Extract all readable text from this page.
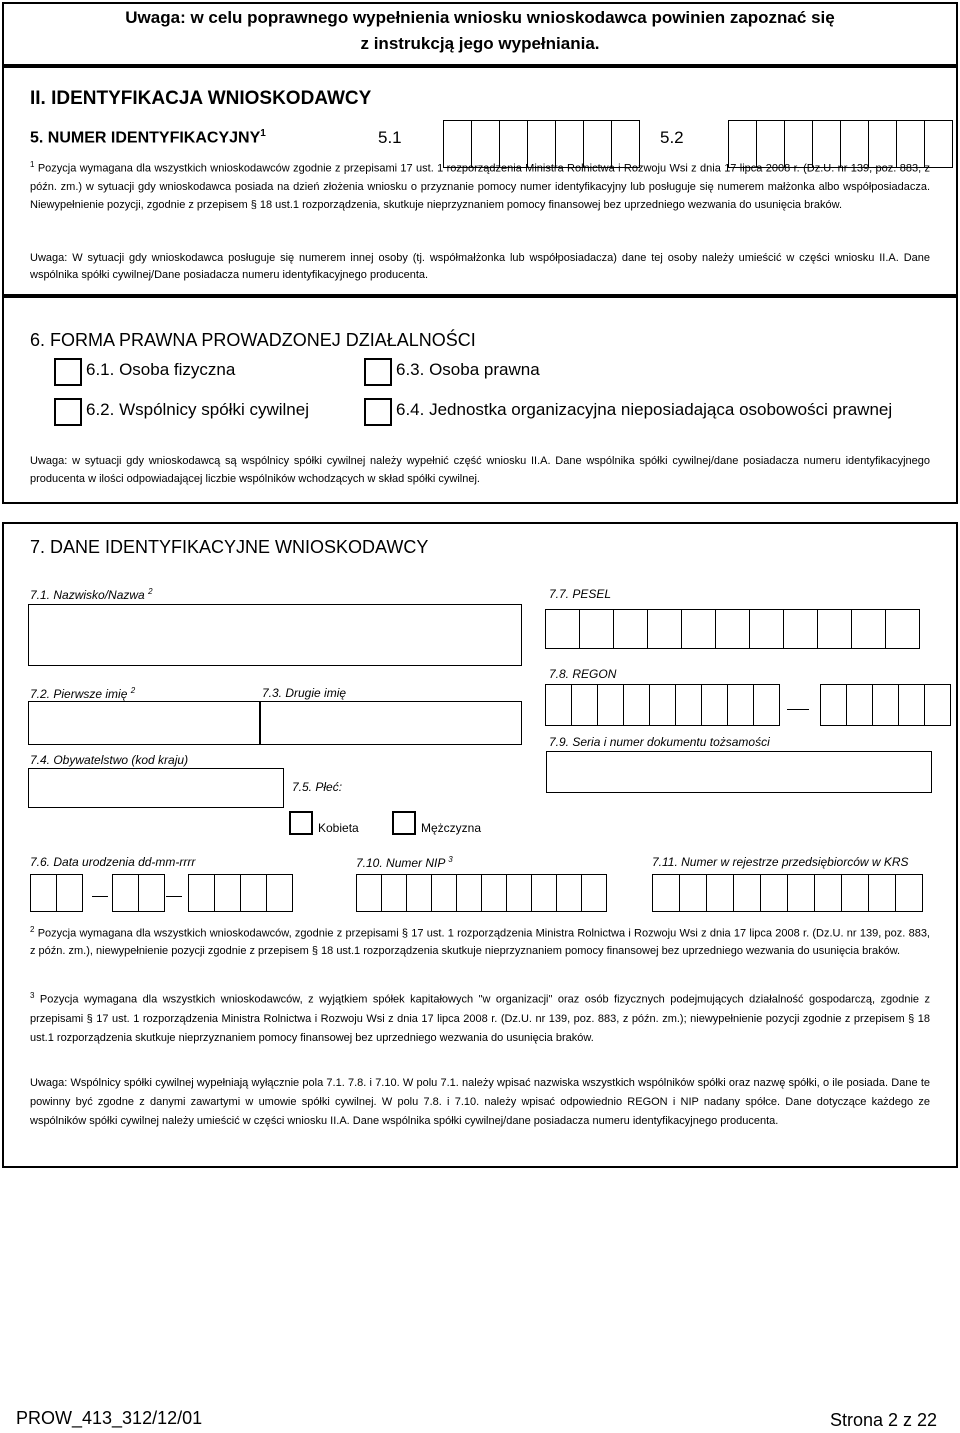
Uwaga: w celu poprawnego wypełnienia wniosku wnioskodawca powinien zapoznać się
z instrukcją jego wypełniania.
II. IDENTYFIKACJA WNIOSKODAWCY
5. NUMER IDENTYFIKACYJNY$^1$	5.1	5.2
$^1$ Pozycja wymagana dla wszystkich wnioskodawców zgodnie z przepisami 17 ust. 1 rozporządzenia Ministra Rolnictwa i Rozwoju Wsi z dnia 17 lipca 2008 r. (Dz.U. nr 139, poz. 883, z późn. zm.) w sytuacji gdy wnioskodawca posiada na dzień złożenia wniosku o przyznanie pomocy numer identyfikacyjny lub posługuje się numerem małżonka albo współposiadacza. Niewypełnienie pozycji, zgodnie z przepisem § 18 ust.1 rozporządzenia, skutkuje nieprzyznaniem pomocy finansowej bez uprzedniego wezwania do usunięcia braków.
Uwaga: W sytuacji gdy wnioskodawca posługuje się numerem innej osoby (tj. współmałżonka lub współposiadacza) dane tej osoby należy umieścić w części wniosku II.A. Dane wspólnika spółki cywilnej/Dane posiadacza numeru identyfikacyjnego producenta.
6. FORMA PRAWNA PROWADZONEJ DZIAŁALNOŚCI
6.1. Osoba fizyczna	6.3. Osoba prawna
6.2. Wspólnicy spółki cywilnej	6.4. Jednostka organizacyjna nieposiadająca osobowości prawnej
Uwaga: w sytuacji gdy wnioskodawcą są wspólnicy spółki cywilnej należy wypełnić część wniosku II.A. Dane wspólnika spółki cywilnej/dane posiadacza numeru identyfikacyjnego producenta w ilości odpowiadającej liczbie wspólników wchodzących w skład spółki cywilnej.
7. DANE IDENTYFIKACYJNE WNIOSKODAWCY
7.1. Nazwisko/Nazwa $^2$	7.7. PESEL
7.8. REGON
7.2. Pierwsze imię $^2$	7.3. Drugie imię
7.9. Seria i numer dokumentu tożsamości
7.4. Obywatelstwo (kod kraju)
7.5. Płeć:
Kobieta	Mężczyzna
7.6. Data urodzenia dd-mm-rrrr	7.10. Numer NIP $^3$	7.11. Numer w rejestrze przedsiębiorców w KRS
$^2$ Pozycja wymagana dla wszystkich wnioskodawców, zgodnie z przepisami § 17 ust. 1 rozporządzenia Ministra Rolnictwa i Rozwoju Wsi z dnia 17 lipca 2008 r. (Dz.U. nr 139, poz. 883, z późn. zm.), niewypełnienie pozycji zgodnie z przepisem § 18 ust.1 rozporządzenia skutkuje nieprzyznaniem pomocy finansowej bez uprzedniego wezwania do usunięcia braków.
$^3$ Pozycja wymagana dla wszystkich wnioskodawców, z wyjątkiem spółek kapitałowych "w organizacji" oraz osób fizycznych podejmujących działalność gospodarczą, zgodnie z przepisami § 17 ust. 1 rozporządzenia Ministra Rolnictwa i Rozwoju Wsi z dnia 17 lipca 2008 r. (Dz.U. nr 139, poz. 883, z późn. zm.); niewypełnienie pozycji zgodnie z przepisem § 18 ust.1 rozporządzenia skutkuje nieprzyznaniem pomocy finansowej bez uprzedniego wezwania do usunięcia braków.
Uwaga: Wspólnicy spółki cywilnej wypełniają wyłącznie pola 7.1. 7.8. i 7.10. W polu 7.1. należy wpisać nazwiska wszystkich wspólników spółki oraz nazwę spółki, o ile posiada. Dane te powinny być zgodne z danymi zawartymi w umowie spółki cywilnej. W polu 7.8. i 7.10. należy wpisać odpowiednio REGON i NIP nadany spółce. Dane dotyczące każdego ze wspólników spółki cywilnej należy umieścić w części wniosku II.A. Dane wspólnika spółki cywilnej/dane posiadacza numeru identyfikacyjnego producenta.
PROW_413_312/12/01	Strona 2 z 22
